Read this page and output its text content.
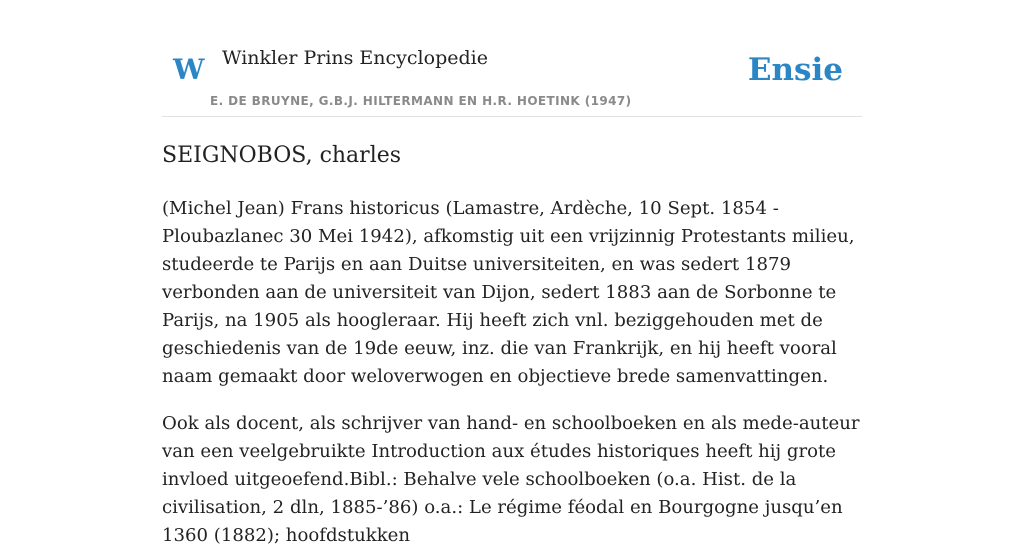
W Winkler Prins Encyclopedie
E. DE BRUYNE, G.B.J. HILTERMANN EN H.R. HOETINK (1947)
Ensie
SEIGNOBOS, charles

(Michel Jean) Frans historicus (Lamastre, Ardèche, 10 Sept. 1854 - Ploubazlanec 30 Mei 1942), afkomstig uit een vrijzinnig Protestants milieu, studeerde te Parijs en aan Duitse universiteiten, en was sedert 1879 verbonden aan de universiteit van Dijon, sedert 1883 aan de Sorbonne te Parijs, na 1905 als hoogleraar. Hij heeft zich vnl. beziggehouden met de geschiedenis van de 19de eeuw, inz. die van Frankrijk, en hij heeft vooral naam gemaakt door weloverwogen en objectieve brede samenvattingen.

Ook als docent, als schrijver van hand- en schoolboeken en als mede-auteur van een veelgebruikte Introduction aux études historiques heeft hij grote invloed uitgeoefend.Bibl.: Behalve vele schoolboeken (o.a. Hist. de la civilisation, 2 dln, 1885-’86) o.a.: Le régime féodal en Bourgogne jusqu’en 1360 (1882); hoofdstukken
